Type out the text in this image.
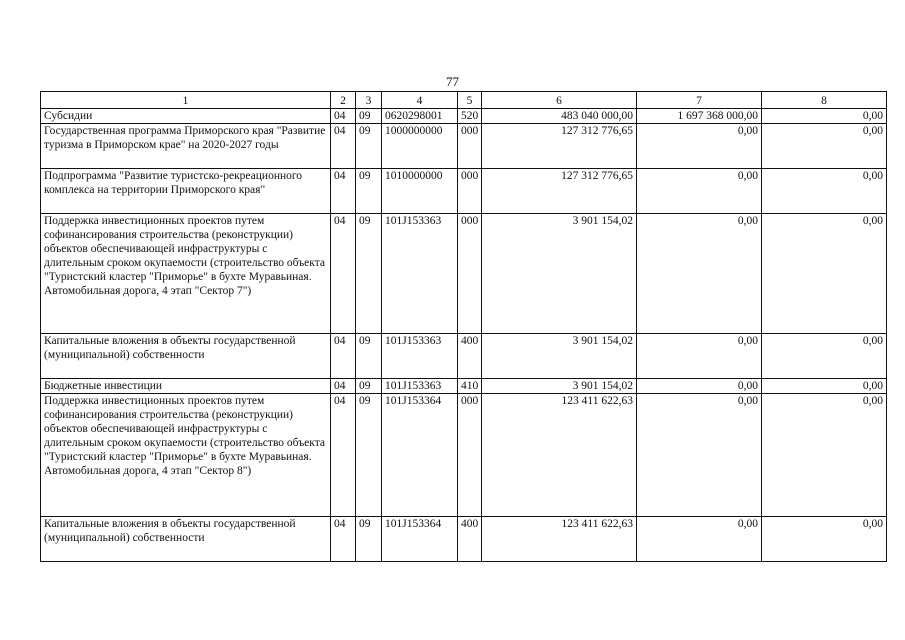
77
1	2	3	4	5	6	7	8
Субсидии	04	09	0620298001	520	483 040 000,00	1 697 368 000,00	0,00
Государственная программа Приморского края "Развитие туризма в Приморском крае" на 2020-2027 годы	04	09	1000000000	000	127 312 776,65	0,00	0,00
Подпрограмма "Развитие туристско-рекреационного комплекса на территории Приморского края"	04	09	1010000000	000	127 312 776,65	0,00	0,00
Поддержка инвестиционных проектов путем софинансирования строительства (реконструкции) объектов обеспечивающей инфраструктуры с длительным сроком окупаемости (строительство объекта "Туристский кластер "Приморье" в бухте Муравьиная. Автомобильная дорога, 4 этап "Сектор 7")	04	09	101J153363	000	3 901 154,02	0,00	0,00
Капитальные вложения в объекты государственной (муниципальной) собственности	04	09	101J153363	400	3 901 154,02	0,00	0,00
Бюджетные инвестиции	04	09	101J153363	410	3 901 154,02	0,00	0,00
Поддержка инвестиционных проектов путем софинансирования строительства (реконструкции) объектов обеспечивающей инфраструктуры с длительным сроком окупаемости (строительство объекта "Туристский кластер "Приморье" в бухте Муравьиная. Автомобильная дорога, 4 этап "Сектор 8")	04	09	101J153364	000	123 411 622,63	0,00	0,00
Капитальные вложения в объекты государственной (муниципальной) собственности	04	09	101J153364	400	123 411 622,63	0,00	0,00
